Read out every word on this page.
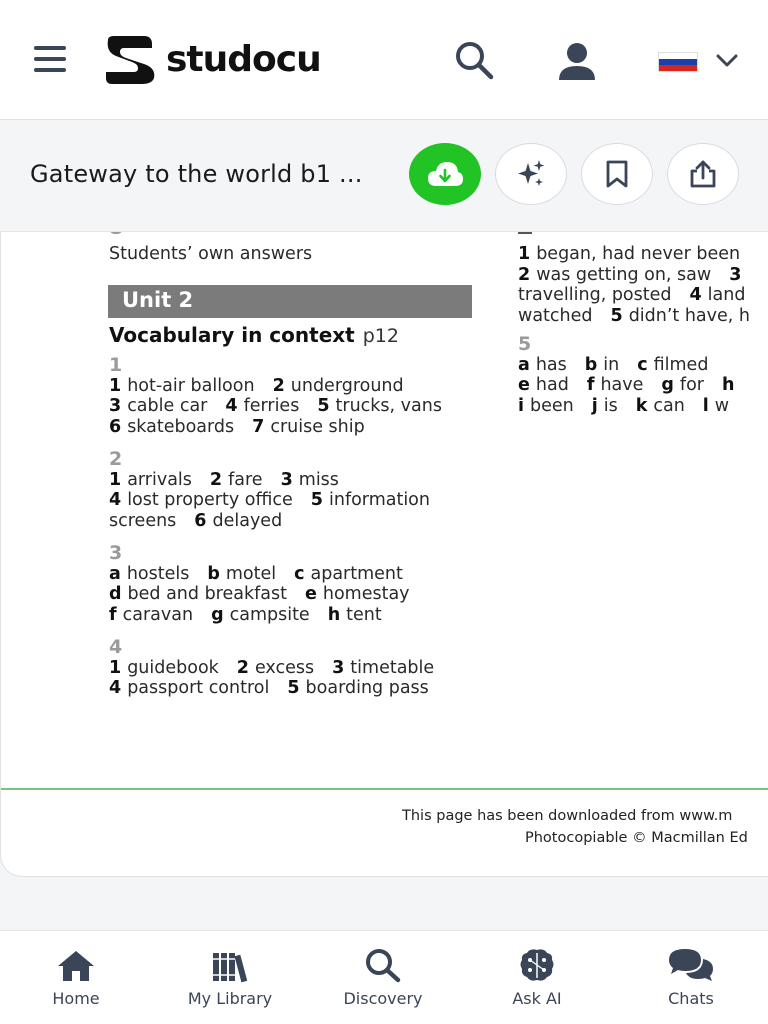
studocu
Gateway to the world b1 ...
Students’ own answers
Unit 2
Vocabulary in context p12
1
1 hot-air balloon 2 underground
3 cable car 4 ferries 5 trucks, vans
6 skateboards 7 cruise ship
2
1 arrivals 2 fare 3 miss
4 lost property office 5 information
screens 6 delayed
3
a hostels b motel c apartment
d bed and breakfast e homestay
f caravan g campsite h tent
4
1 guidebook 2 excess 3 timetable
4 passport control 5 boarding pass
1 began, had never been
2 was getting on, saw 3
travelling, posted 4 land
watched 5 didn’t have, h
5
a has b in c filmed
e had f have g for h
i been j is k can l w
This page has been downloaded from www.m
Photocopiable © Macmillan Ed
Home	My Library	Discovery	Ask AI	Chats
